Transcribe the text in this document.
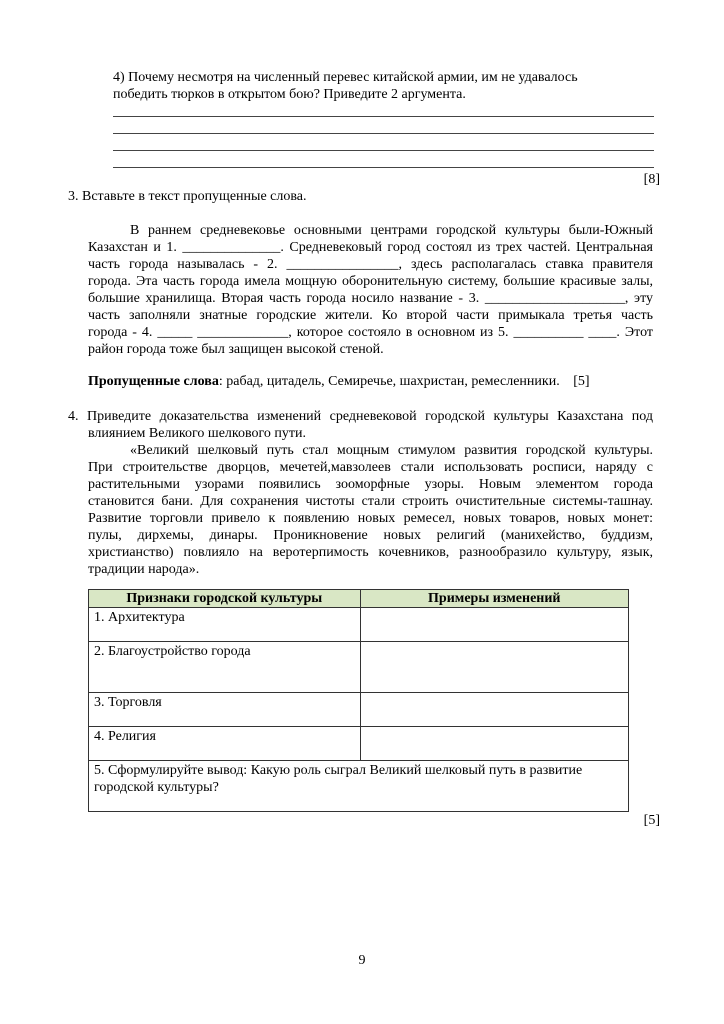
4) Почему несмотря на численный перевес китайской армии, им не удавалось
победить тюрков в открытом бою? Приведите 2 аргумента.
[8]
3. Вставьте в текст пропущенные слова.
В раннем средневековье основными центрами городской культуры были-Южный
Казахстан и 1. ______________. Средневековый город состоял из трех частей. Центральная
часть города называлась - 2. ________________, здесь располагалась ставка правителя
города. Эта часть города имела мощную оборонительную систему, большие красивые залы,
большие хранилища. Вторая часть города носило название - 3. ____________________, эту
часть заполняли знатные городские жители. Ко второй части примыкала третья часть
города - 4. _____ _____________, которое состояло в основном из 5. __________ ____. Этот
район города тоже был защищен высокой стеной.
Пропущенные слова: рабад, цитадель, Семиречье, шахристан, ремесленники. [5]
4. Приведите доказательства изменений средневековой городской культуры Казахстана под
влиянием Великого шелкового пути.
«Великий шелковый путь стал мощным стимулом развития городской культуры.
При строительстве дворцов, мечетей,мавзолеев стали использовать росписи, наряду с
растительными узорами появились зооморфные узоры. Новым элементом города
становится бани. Для сохранения чистоты стали строить очистительные системы-ташнау.
Развитие торговли привело к появлению новых ремесел, новых товаров, новых монет:
пулы, дирхемы, динары. Проникновение новых религий (манихейство, буддизм,
христианство) повлияло на веротерпимость кочевников, разнообразило культуру, язык,
традиции народа».
Признаки городской культуры	Примеры изменений
1. Архитектура	
2. Благоустройство города	
3. Торговля	
4. Религия	
5. Сформулируйте вывод: Какую роль сыграл Великий шелковый путь в развитие городской культуры?	
[5]
9
